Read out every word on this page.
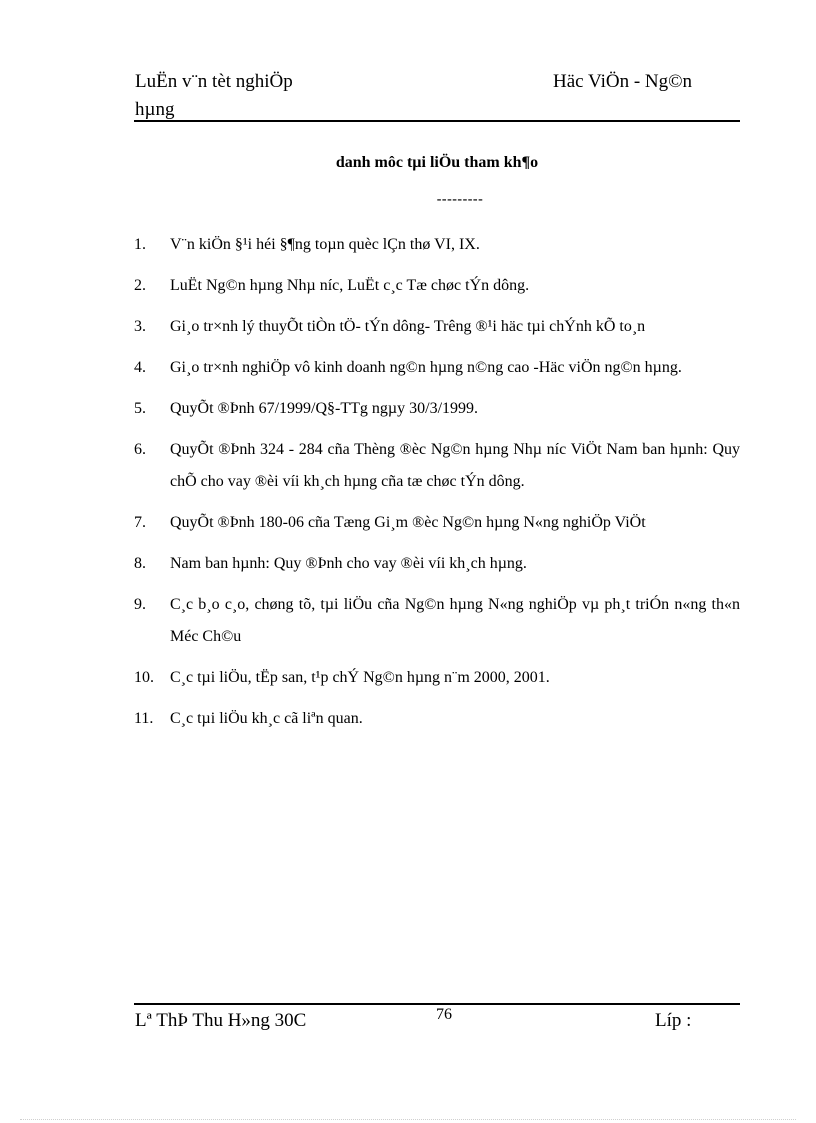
LuËn v¨n tèt nghiÖp hµng
Häc ViÖn - Ng©n
danh môc tµi liÖu tham kh¶o
---------
1.	V¨n kiÖn §¹i héi §¶ng toµn quèc lÇn thø VI, IX.
2.	LuËt Ng©n hµng Nhµ níc, LuËt c¸c Tæ chøc tÝn dông.
3.	Gi¸o tr×nh lý thuyÕt tiÒn tÖ- tÝn dông- Trêng ®¹i häc tµi chÝnh kÕ to¸n
4.	Gi¸o tr×nh nghiÖp vô kinh doanh ng©n hµng n©ng cao -Häc viÖn ng©n hµng.
5.	QuyÕt ®Þnh 67/1999/Q§-TTg ngµy 30/3/1999.
6.	QuyÕt ®Þnh 324 - 284 cña Thèng ®èc Ng©n hµng Nhµ níc ViÖt Nam ban hµnh: Quy chÕ cho vay ®èi víi kh¸ch hµng cña tæ chøc tÝn dông.
7.	QuyÕt ®Þnh 180-06 cña Tæng Gi¸m ®èc Ng©n hµng N«ng nghiÖp ViÖt
8.	Nam ban hµnh: Quy ®Þnh cho vay ®èi víi kh¸ch hµng.
9.	C¸c b¸o c¸o, chøng tõ, tµi liÖu cña Ng©n hµng N«ng nghiÖp vµ ph¸t triÓn n«ng th«n Méc Ch©u
10.	C¸c tµi liÖu, tËp san, t¹p chÝ Ng©n hµng n¨m 2000, 2001.
11.	C¸c tµi liÖu kh¸c cã liªn quan.
Lª ThÞ Thu H»ng 30C	76	Líp :
